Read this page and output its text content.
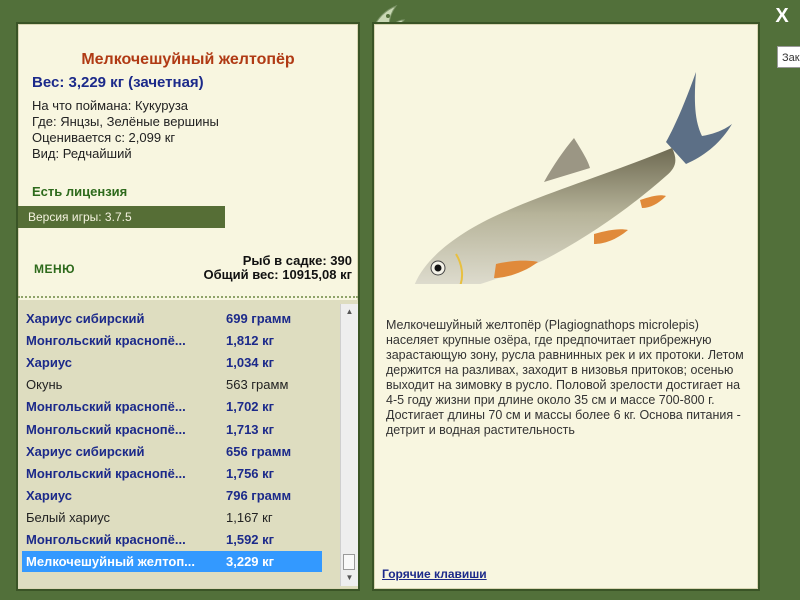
X
Зак
Мелкочешуйный желтопёр
Вес: 3,229 кг (зачетная)
На что поймана: Кукуруза
Где: Янцзы, Зелёные вершины
Оценивается с: 2,099 кг
Вид: Редчайший
Есть лицензия
Версия игры: 3.7.5
МЕНЮ
Рыб в садке: 390
Общий вес: 10915,08 кг
Хариус сибирский	699 грамм
Монгольский краснопё...	1,812 кг
Хариус	1,034 кг
Окунь	563 грамм
Монгольский краснопё...	1,702 кг
Монгольский краснопё...	1,713 кг
Хариус сибирский	656 грамм
Монгольский краснопё...	1,756 кг
Хариус	796 грамм
Белый хариус	1,167 кг
Монгольский краснопё...	1,592 кг
Мелкочешуйный желтоп... 3,229 кг
▲
▼
Мелкочешуйный желтопёр (Plagiognathops microlepis) населяет крупные озёра, где предпочитает прибрежную зарастающую зону, русла равнинных рек и их протоки. Летом держится на разливах, заходит в низовья притоков; осенью выходит на зимовку в русло. Половой зрелости достигает на 4-5 году жизни при длине около 35 см и массе 700-800 г. Достигает длины 70 см и массы более 6 кг. Основа питания - детрит и водная растительность
Горячие клавиши
